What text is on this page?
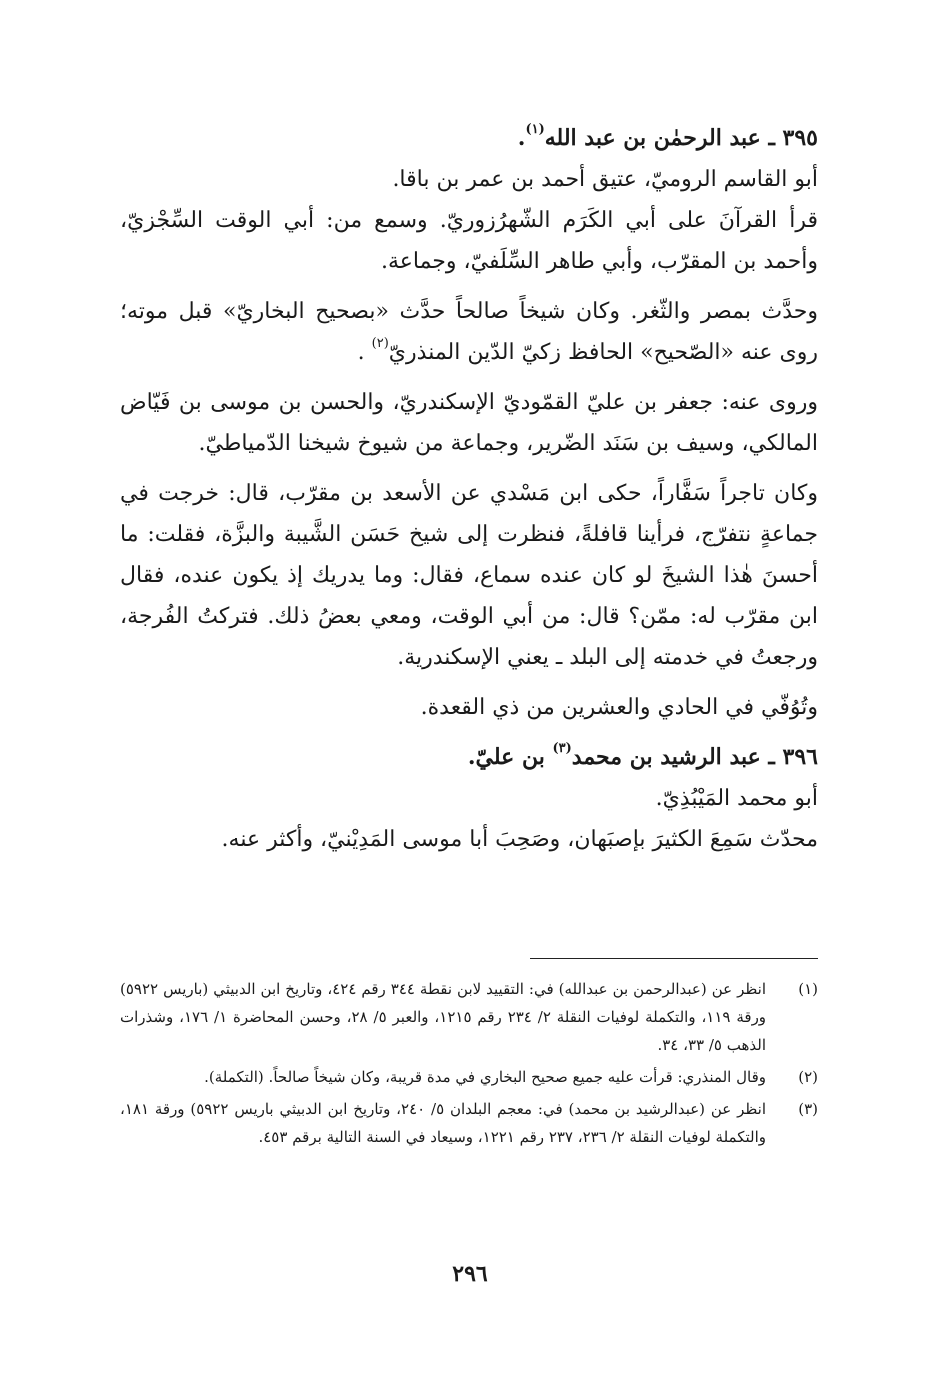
٣٩٥ ـ عبد الرحمٰن بن عبد الله$^{(١)}$.

أبو القاسم الروميّ، عتيق أحمد بن عمر بن باقا.

قرأ القرآنَ على أبي الكَرَم الشّهرُزوريّ. وسمع من: أبي الوقت السِّجْزيّ، وأحمد بن المقرّب، وأبي طاهر السِّلَفيّ، وجماعة.

وحدَّث بمصر والثّغر. وكان شيخاً صالحاً حدَّث «بصحيح البخاريّ» قبل موته؛ روى عنه «الصّحيح» الحافظ زكيّ الدّين المنذريّ$^{(٢)}$ .

وروى عنه: جعفر بن عليّ القمّوديّ الإسكندريّ، والحسن بن موسى بن فَيّاض المالكي، وسيف بن سَنَد الضّرير، وجماعة من شيوخ شيخنا الدّمياطيّ.

وكان تاجراً سَفَّاراً، حكى ابن مَسْدي عن الأسعد بن مقرّب، قال: خرجت في جماعةٍ نتفرّج، فرأينا قافلةً، فنظرت إلى شيخ حَسَن الشَّيبة والبزَّة، فقلت: ما أحسنَ هٰذا الشيخَ لو كان عنده سماع، فقال: وما يدريك إذ يكون عنده، فقال ابن مقرّب له: ممّن؟ قال: من أبي الوقت، ومعي بعضُ ذلك. فتركتُ الفُرجة، ورجعتُ في خدمته إلى البلد ـ يعني الإسكندرية.

وتُوُفّي في الحادي والعشرين من ذي القعدة.

٣٩٦ ـ عبد الرشيد بن محمد$^{(٣)}$ بن عليّ.

أبو محمد المَيْبُذِيّ.

محدّث سَمِعَ الكثيرَ بإصبَهان، وصَحِبَ أبا موسى المَدِيْنيّ، وأكثر عنه.

(١)
انظر عن (عبدالرحمن بن عبدالله) في: التقييد لابن نقطة ٣٤٤ رقم ٤٢٤، وتاريخ ابن الدبيثي (باريس ٥٩٢٢) ورقة ١١٩، والتكملة لوفيات النقلة ٢/ ٢٣٤ رقم ١٢١٥، والعبر ٥/ ٢٨، وحسن المحاضرة ١/ ١٧٦، وشذرات الذهب ٥/ ٣٣، ٣٤.
(٢)
وقال المنذري: قرأت عليه جميع صحيح البخاري في مدة قريبة، وكان شيخاً صالحاً. (التكملة).
(٣)
انظر عن (عبدالرشيد بن محمد) في: معجم البلدان ٥/ ٢٤٠، وتاريخ ابن الدبيثي باريس ٥٩٢٢) ورقة ١٨١، والتكملة لوفيات النقلة ٢/ ٢٣٦، ٢٣٧ رقم ١٢٢١، وسيعاد في السنة التالية برقم ٤٥٣.
٢٩٦
